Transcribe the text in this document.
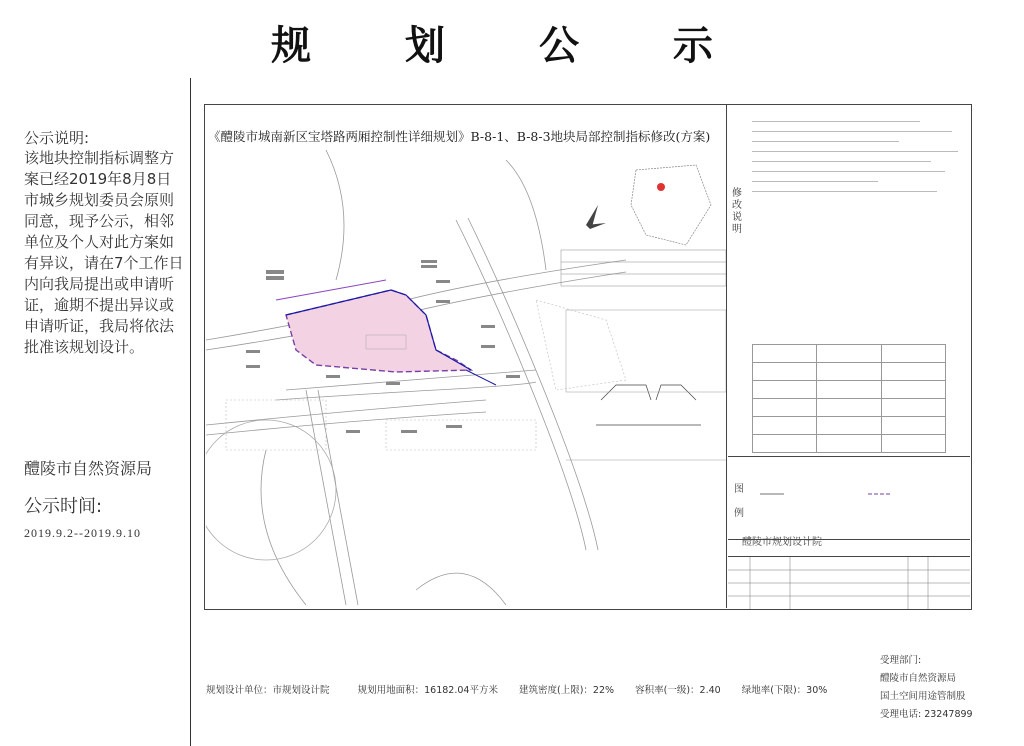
规 划 公 示
公示说明:
该地块控制指标调整方案已经2019年8月8日市城乡规划委员会原则同意，现予公示，相邻单位及个人对此方案如有异议，请在7个工作日内向我局提出或申请听证，逾期不提出异议或申请听证，我局将依法批准该规划设计。
醴陵市自然资源局
公示时间:
2019.9.2--2019.9.10
《醴陵市城南新区宝塔路两厢控制性详细规划》B-8-1、B-8-3地块局部控制指标修改(方案)
修改说明

图例
醴陵市规划设计院
规划设计单位：市规划设计院	规划用地面积：16182.04平方米 建筑密度(上限)：22% 容积率(一级)：2.40 绿地率(下限)：30%
受理部门:
醴陵市自然资源局
国土空间用途管制股
受理电话: 23247899
